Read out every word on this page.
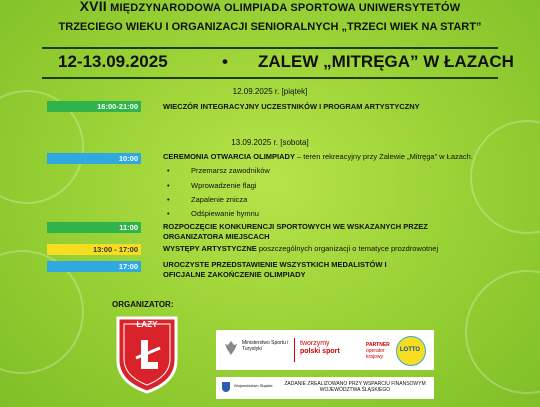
XVII MIĘDZYNARODOWA OLIMPIADA SPORTOWA UNIWERSYTETÓW
TRZECIEGO WIEKU I ORGANIZACJI SENIORALNYCH „TRZECI WIEK NA START”
12-13.09.2025	• ZALEW „MITRĘGA” W ŁAZACH
12.09.2025 r. [piątek]
16:00-21:00	WIECZÓR INTEGRACYJNY UCZESTNIKÓW I PROGRAM ARTYSTYCZNY
13.09.2025 r. [sobota]
10:00	CEREMONIA OTWARCIA OLIMPIADY – teren rekreacyjny przy Zalewie „Mitręga” w Łazach.
•	Przemarsz zawodników
•	Wprowadzenie flagi
•	Zapalenie znicza
•	Odśpiewanie hymnu
11:00	ROZPOCZĘCIE KONKURENCJI SPORTOWYCH WE WSKAZANYCH PRZEZ ORGANIZATORA MIEJSCACH
13:00 - 17:00	WYSTĘPY ARTYSTYCZNE poszczególnych organizacji o tematyce prozdrowotnej
17:00	UROCZYSTE PRZEDSTAWIENIE WSZYSTKICH MEDALISTÓW I OFICJALNE ZAKOŃCZENIE OLIMPIADY
ORGANIZATOR:
ŁAZY
Ministerstwo Sportu i Turystyki
tworzymy
polski sport
PARTNER
operator
krajowy
LOTTO
Województwo Śląskie	ZADANIE ZREALIZOWANO PRZY WSPARCIU FINANSOWYM WOJEWÓDZTWA ŚLĄSKIEGO
